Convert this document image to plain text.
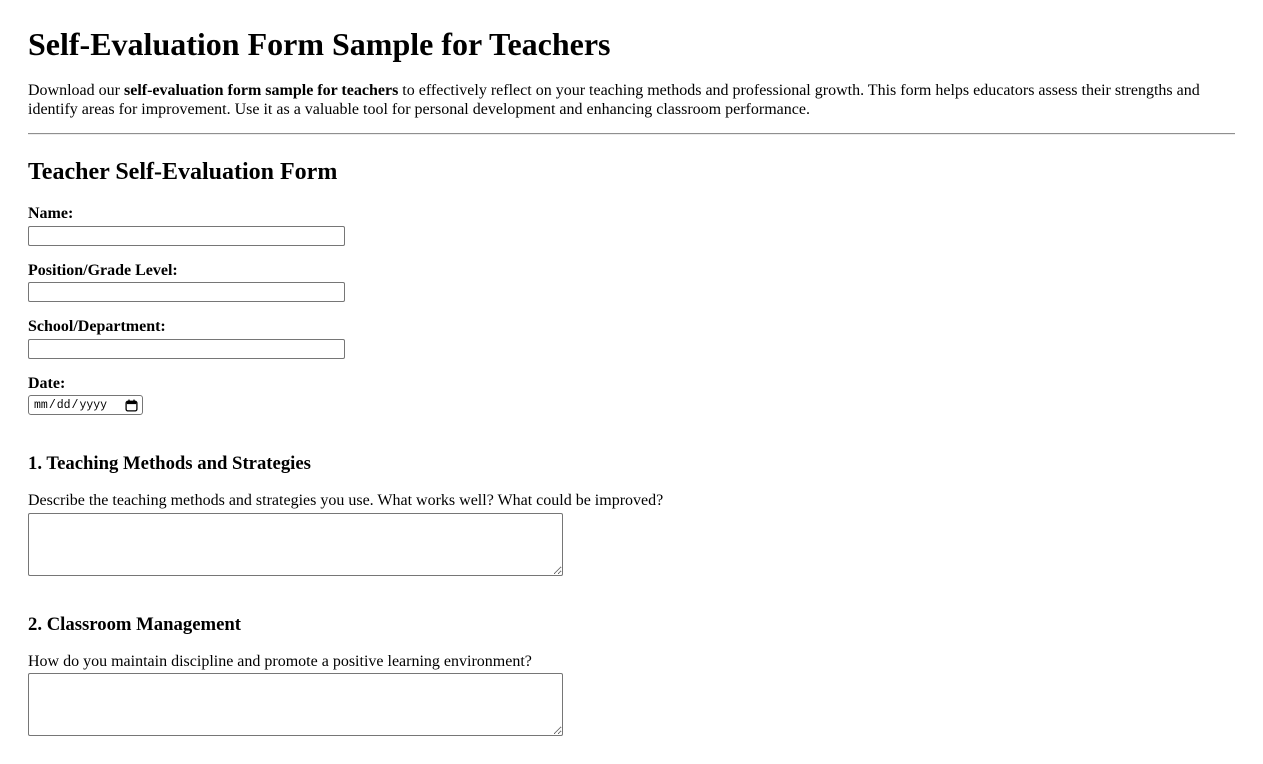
Self-Evaluation Form Sample for Teachers

Download our self-evaluation form sample for teachers to effectively reflect on your teaching methods and professional growth. This form helps educators assess their strengths and identify areas for improvement. Use it as a valuable tool for personal development and enhancing classroom performance.

Teacher Self-Evaluation Form
Name:
Position/Grade Level:
School/Department:
Date:
mm/dd/yyyy
1. Teaching Methods and Strategies

Describe the teaching methods and strategies you use. What works well? What could be improved?

2. Classroom Management

How do you maintain discipline and promote a positive learning environment?
